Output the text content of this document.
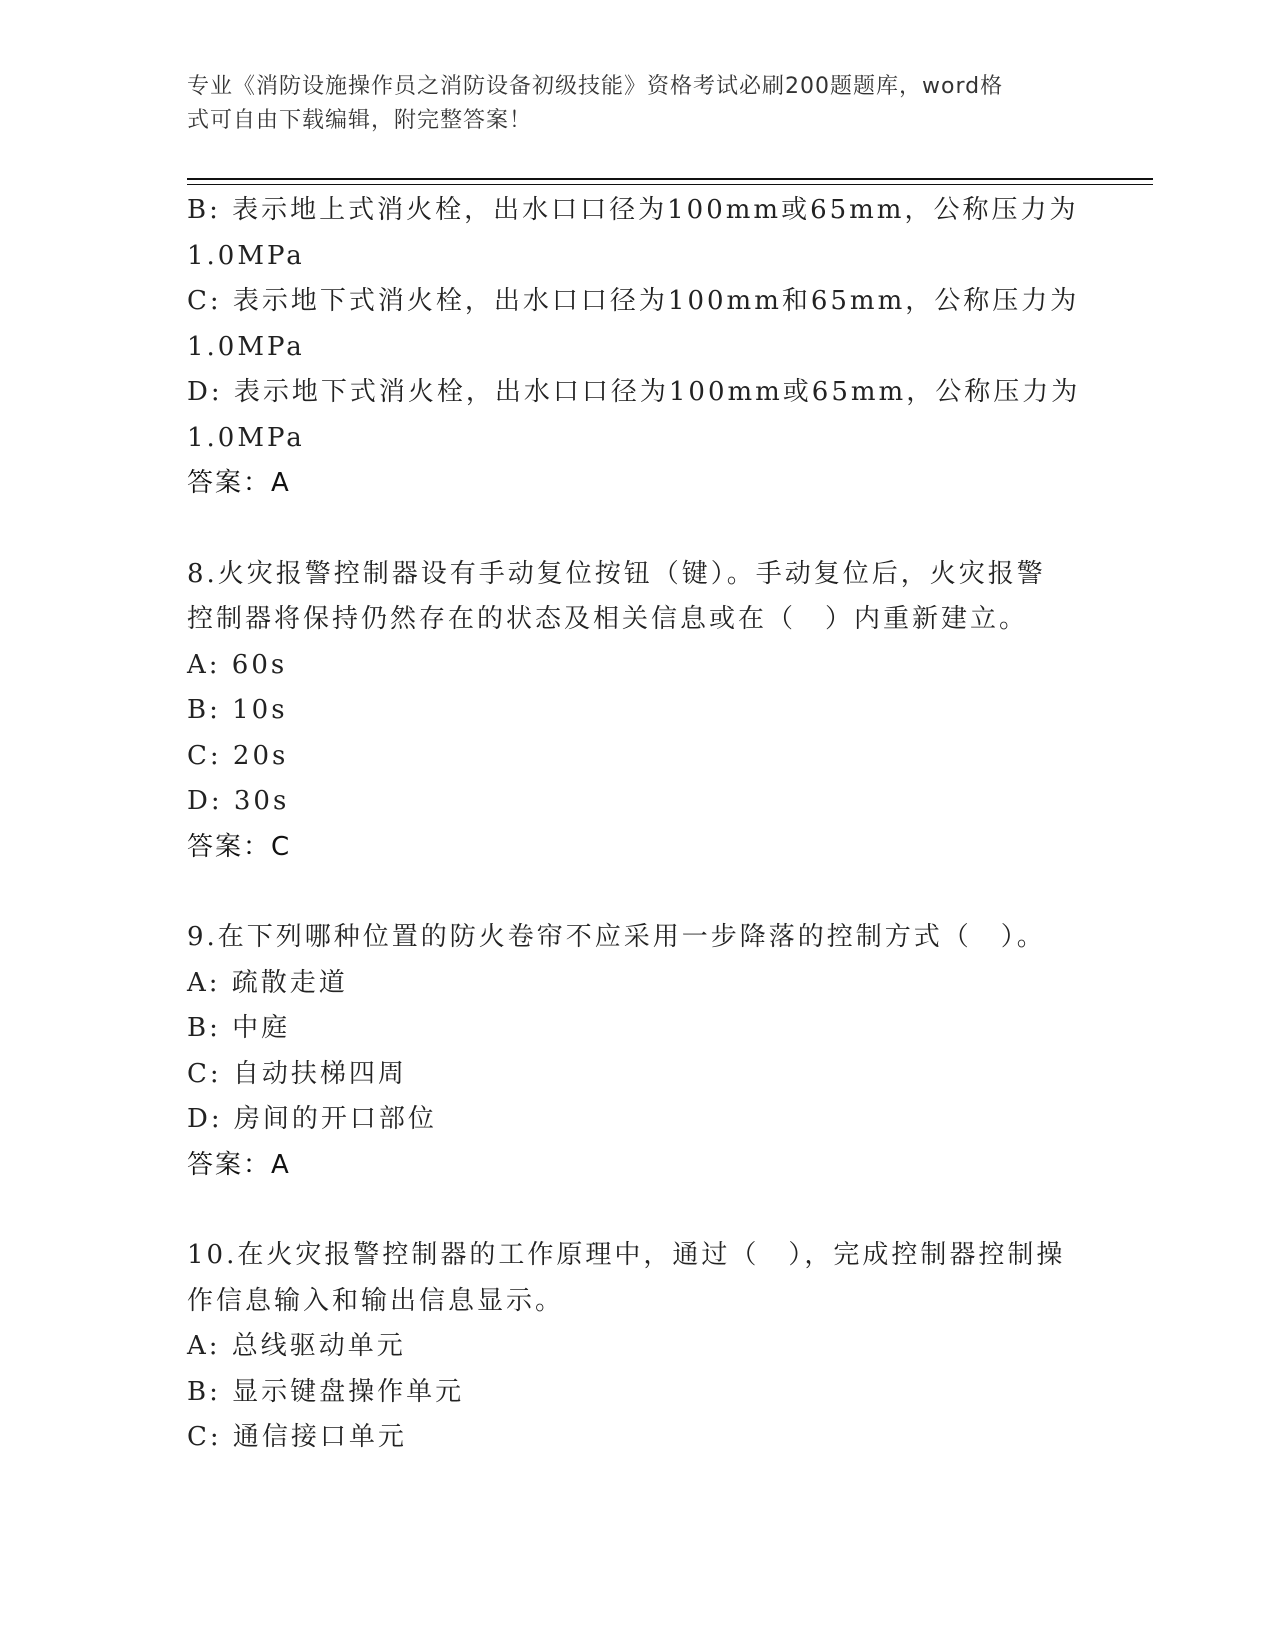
专业《消防设施操作员之消防设备初级技能》资格考试必刷200题题库，word格
式可自由下载编辑，附完整答案！
B: 表示地上式消火栓，出水口口径为100mm或65mm，公称压力为
1.0MPa
C: 表示地下式消火栓，出水口口径为100mm和65mm，公称压力为
1.0MPa
D: 表示地下式消火栓，出水口口径为100mm或65mm，公称压力为
1.0MPa
答案：A
8.火灾报警控制器设有手动复位按钮（键）。手动复位后，火灾报警
控制器将保持仍然存在的状态及相关信息或在（　）内重新建立。
A: 60s
B: 10s
C: 20s
D: 30s
答案：C
9.在下列哪种位置的防火卷帘不应采用一步降落的控制方式（　）。
A: 疏散走道
B: 中庭
C: 自动扶梯四周
D: 房间的开口部位
答案：A
10.在火灾报警控制器的工作原理中，通过（　），完成控制器控制操
作信息输入和输出信息显示。
A: 总线驱动单元
B: 显示键盘操作单元
C: 通信接口单元
